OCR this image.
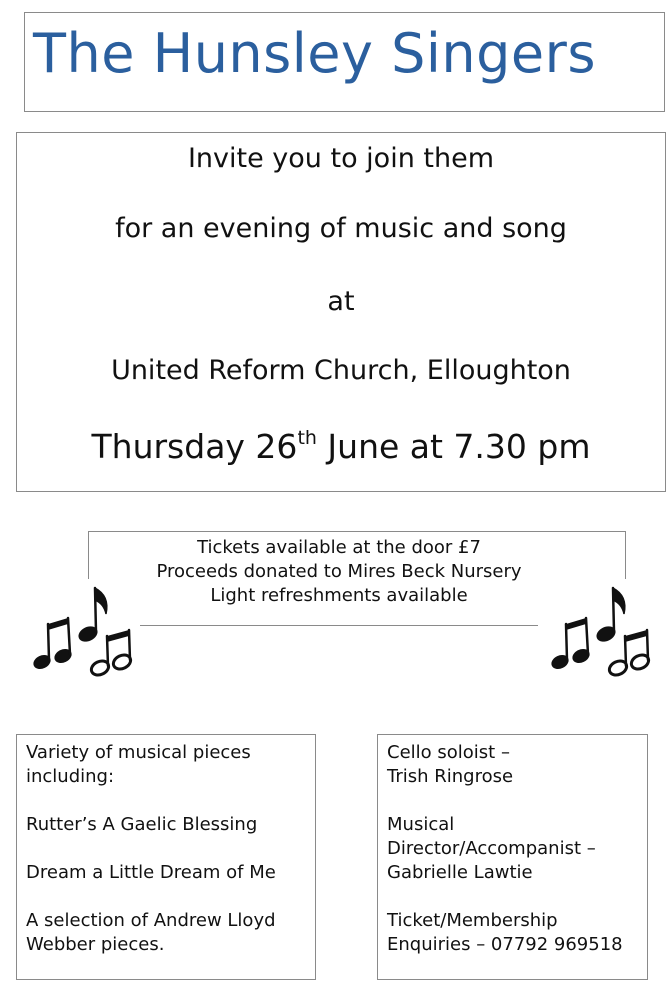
The Hunsley Singers

Invite you to join them

for an evening of music and song

at

United Reform Church, Elloughton

Thursday 26th June at 7.30 pm

Tickets available at the door £7

Proceeds donated to Mires Beck Nursery

Light refreshments available

Variety of musical pieces
including:

Rutter’s A Gaelic Blessing

Dream a Little Dream of Me

A selection of Andrew Lloyd
Webber pieces.

Cello soloist –
Trish Ringrose

Musical
Director/Accompanist –
Gabrielle Lawtie

Ticket/Membership
Enquiries – 07792 969518
